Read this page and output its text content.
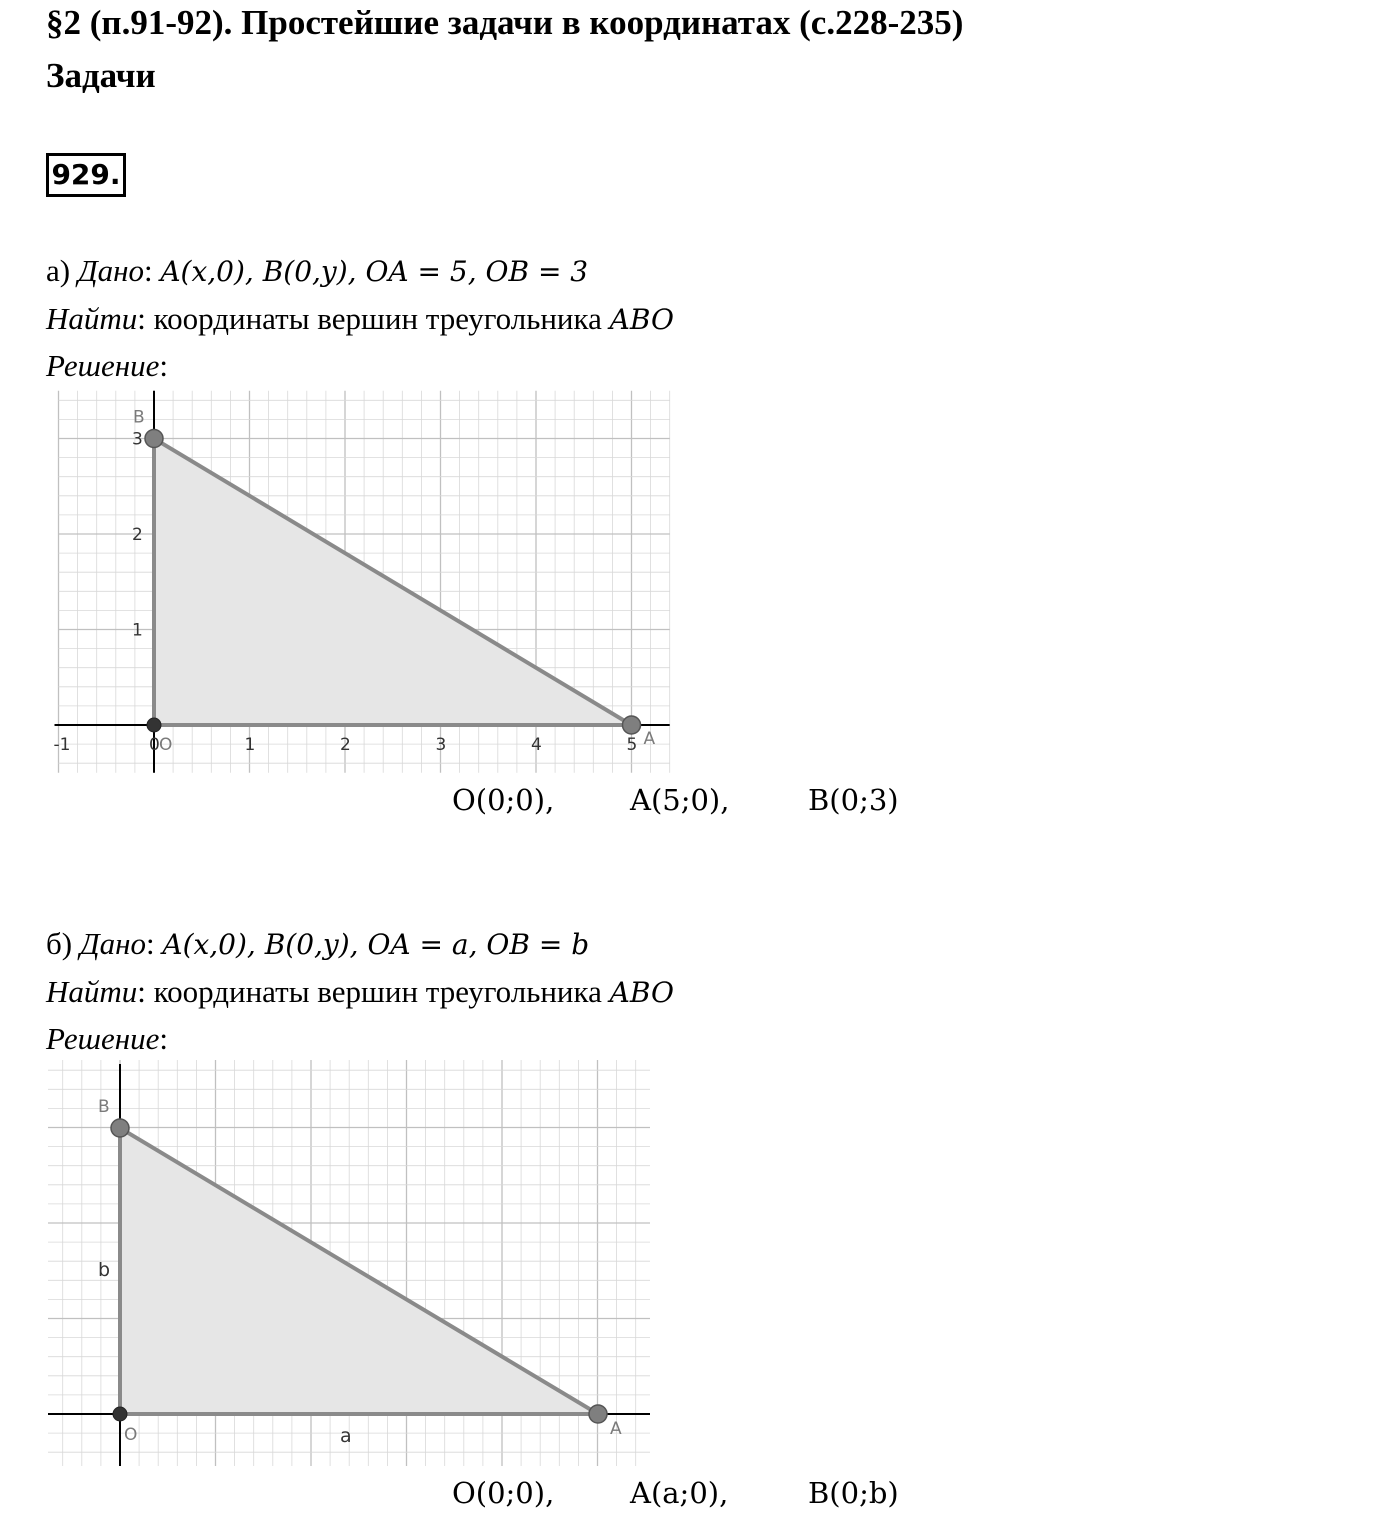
§2 (п.91-92). Простейшие задачи в координатах (с.228-235)
Задачи
929.
а) Дано: A(x,0), B(0,y), OA = 5, OB = 3
Найти: координаты вершин треугольника ABO
Решение:
-1	0	1	2	3	4	5
1
2
3
B
O	A
O(0;0),	A(5;0),	B(0;3)
б) Дано: A(x,0), B(0,y), OA = a, OB = b
Найти: координаты вершин треугольника ABO
Решение:
B
O	A
a
b
O(0;0),	A(a;0),	B(0;b)
